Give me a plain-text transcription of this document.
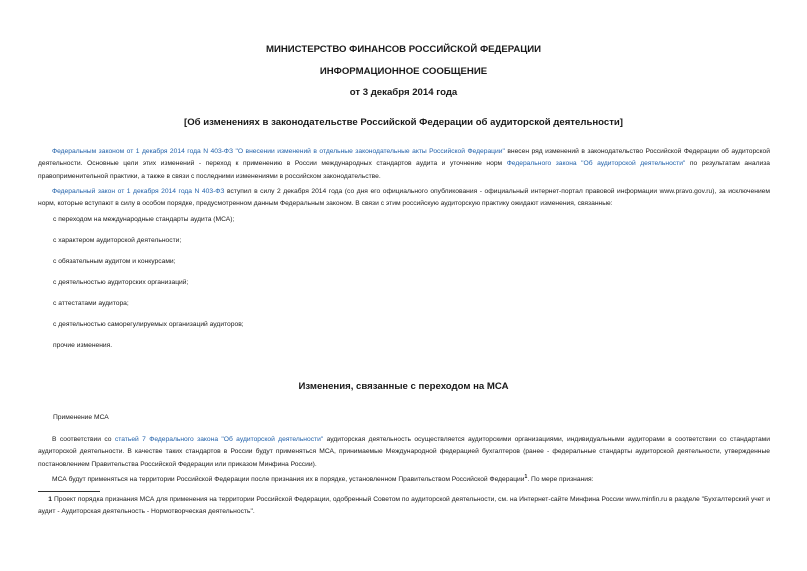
МИНИСТЕРСТВО ФИНАНСОВ РОССИЙСКОЙ ФЕДЕРАЦИИ
ИНФОРМАЦИОННОЕ СООБЩЕНИЕ
от 3 декабря 2014 года
[Об изменениях в законодательстве Российской Федерации об аудиторской деятельности]
Федеральным законом от 1 декабря 2014 года N 403-ФЗ "О внесении изменений в отдельные законодательные акты Российской Федерации" внесен ряд изменений в законодательство Российской Федерации об аудиторской деятельности. Основные цели этих изменений - переход к применению в России международных стандартов аудита и уточнение норм Федерального закона "Об аудиторской деятельности" по результатам анализа правоприменительной практики, а также в связи с последними изменениями в российском законодательстве.
Федеральный закон от 1 декабря 2014 года N 403-ФЗ вступил в силу 2 декабря 2014 года (со дня его официального опубликования - официальный интернет-портал правовой информации www.pravo.gov.ru), за исключением норм, которые вступают в силу в особом порядке, предусмотренном данным Федеральным законом. В связи с этим российскую аудиторскую практику ожидают изменения, связанные:
с переходом на международные стандарты аудита (МСА);
с характером аудиторской деятельности;
с обязательным аудитом и конкурсами;
с деятельностью аудиторских организаций;
с аттестатами аудитора;
с деятельностью саморегулируемых организаций аудиторов;
прочие изменения.
Изменения, связанные с переходом на МСА
Применение МСА
В соответствии со статьей 7 Федерального закона "Об аудиторской деятельности" аудиторская деятельность осуществляется аудиторскими организациями, индивидуальными аудиторами в соответствии со стандартами аудиторской деятельности. В качестве таких стандартов в России будут применяться МСА, принимаемые Международной федерацией бухгалтеров (ранее - федеральные стандарты аудиторской деятельности, утвержденные постановлением Правительства Российской Федерации или приказом Минфина России).
МСА будут применяться на территории Российской Федерации после признания их в порядке, установленном Правительством Российской Федерации$^1$. По мере признания:
1 Проект порядка признания МСА для применения на территории Российской Федерации, одобренный Советом по аудиторской деятельности, см. на Интернет-сайте Минфина России www.minfin.ru в разделе "Бухгалтерский учет и аудит - Аудиторская деятельность - Нормотворческая деятельность".
